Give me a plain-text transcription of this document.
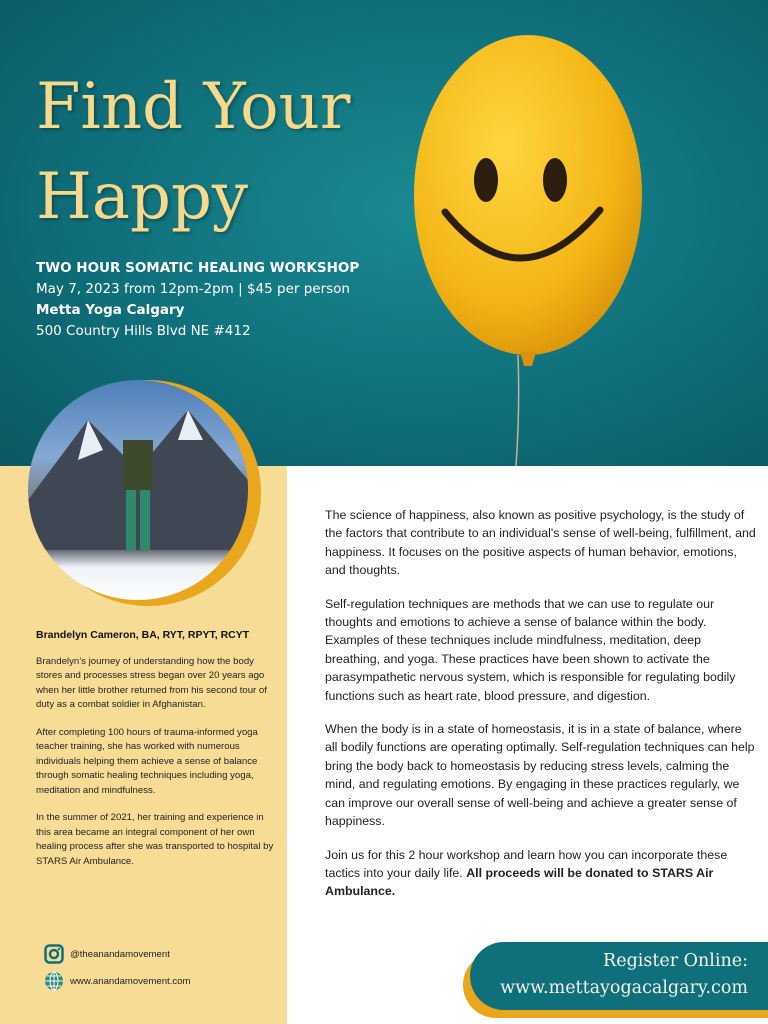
Find Your
Happy
TWO HOUR SOMATIC HEALING WORKSHOP
May 7, 2023 from 12pm-2pm | $45 per person
Metta Yoga Calgary
500 Country Hills Blvd NE #412
Brandelyn Cameron, BA, RYT, RPYT, RCYT

Brandelyn’s journey of understanding how the body stores and processes stress began over 20 years ago when her little brother returned from his second tour of duty as a combat soldier in Afghanistan.

After completing 100 hours of trauma-informed yoga teacher training, she has worked with numerous individuals helping them achieve a sense of balance through somatic healing techniques including yoga, meditation and mindfulness.

In the summer of 2021, her training and experience in this area became an integral component of her own healing process after she was transported to hospital by STARS Air Ambulance.

@theanandamovement
www.anandamovement.com

The science of happiness, also known as positive psychology, is the study of the factors that contribute to an individual's sense of well-being, fulfillment, and happiness. It focuses on the positive aspects of human behavior, emotions, and thoughts.

Self-regulation techniques are methods that we can use to regulate our thoughts and emotions to achieve a sense of balance within the body. Examples of these techniques include mindfulness, meditation, deep breathing, and yoga. These practices have been shown to activate the parasympathetic nervous system, which is responsible for regulating bodily functions such as heart rate, blood pressure, and digestion.

When the body is in a state of homeostasis, it is in a state of balance, where all bodily functions are operating optimally. Self-regulation techniques can help bring the body back to homeostasis by reducing stress levels, calming the mind, and regulating emotions. By engaging in these practices regularly, we can improve our overall sense of well-being and achieve a greater sense of happiness.

Join us for this 2 hour workshop and learn how you can incorporate these tactics into your daily life. All proceeds will be donated to STARS Air Ambulance.

Register Online:
www.mettayogacalgary.com
